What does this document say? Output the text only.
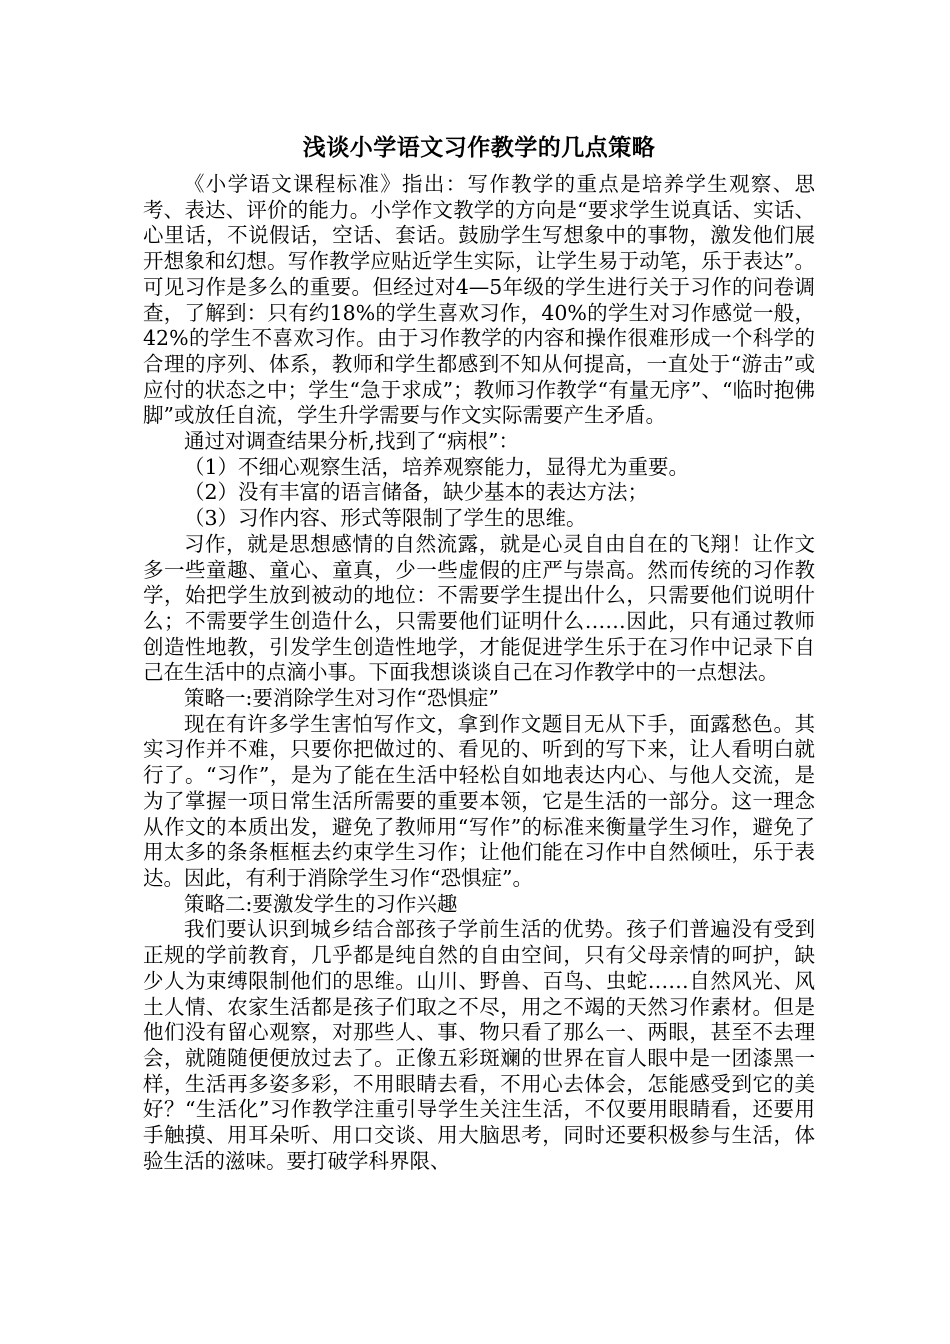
浅谈小学语文习作教学的几点策略

《小学语文课程标准》指出：写作教学的重点是培养学生观察、思考、表达、评价的能力。小学作文教学的方向是“要求学生说真话、实话、心里话，不说假话，空话、套话。鼓励学生写想象中的事物，激发他们展开想象和幻想。写作教学应贴近学生实际，让学生易于动笔，乐于表达”。可见习作是多么的重要。但经过对4—5年级的学生进行关于习作的问卷调查，了解到：只有约18%的学生喜欢习作，40%的学生对习作感觉一般，42%的学生不喜欢习作。由于习作教学的内容和操作很难形成一个科学的合理的序列、体系，教师和学生都感到不知从何提高，一直处于“游击”或应付的状态之中；学生“急于求成”；教师习作教学“有量无序”、“临时抱佛脚”或放任自流，学生升学需要与作文实际需要产生矛盾。

通过对调查结果分析,找到了“病根”：

（1）不细心观察生活，培养观察能力，显得尤为重要。

（2）没有丰富的语言储备，缺少基本的表达方法；

（3）习作内容、形式等限制了学生的思维。

习作，就是思想感情的自然流露，就是心灵自由自在的飞翔！让作文多一些童趣、童心、童真，少一些虚假的庄严与崇高。然而传统的习作教学，始把学生放到被动的地位：不需要学生提出什么，只需要他们说明什么；不需要学生创造什么，只需要他们证明什么……因此，只有通过教师创造性地教，引发学生创造性地学，才能促进学生乐于在习作中记录下自己在生活中的点滴小事。下面我想谈谈自己在习作教学中的一点想法。

策略一:要消除学生对习作“恐惧症”

现在有许多学生害怕写作文，拿到作文题目无从下手，面露愁色。其实习作并不难，只要你把做过的、看见的、听到的写下来，让人看明白就行了。“习作”，是为了能在生活中轻松自如地表达内心、与他人交流，是为了掌握一项日常生活所需要的重要本领，它是生活的一部分。这一理念从作文的本质出发，避免了教师用“写作”的标准来衡量学生习作，避免了用太多的条条框框去约束学生习作；让他们能在习作中自然倾吐，乐于表达。因此，有利于消除学生习作“恐惧症”。

策略二:要激发学生的习作兴趣

我们要认识到城乡结合部孩子学前生活的优势。孩子们普遍没有受到正规的学前教育，几乎都是纯自然的自由空间，只有父母亲情的呵护，缺少人为束缚限制他们的思维。山川、野兽、百鸟、虫蛇……自然风光、风土人情、农家生活都是孩子们取之不尽，用之不竭的天然习作素材。但是他们没有留心观察，对那些人、事、物只看了那么一、两眼，甚至不去理会，就随随便便放过去了。正像五彩斑斓的世界在盲人眼中是一团漆黑一样，生活再多姿多彩，不用眼睛去看，不用心去体会，怎能感受到它的美好？“生活化”习作教学注重引导学生关注生活，不仅要用眼睛看，还要用手触摸、用耳朵听、用口交谈、用大脑思考，同时还要积极参与生活，体验生活的滋味。要打破学科界限、
